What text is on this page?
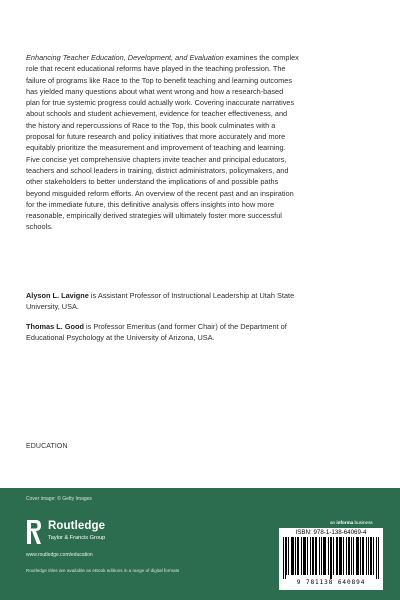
Enhancing Teacher Education, Development, and Evaluation examines the complex

role that recent educational reforms have played in the teaching profession. The

failure of programs like Race to the Top to benefit teaching and learning outcomes

has yielded many questions about what went wrong and how a research-based

plan for true systemic progress could actually work. Covering inaccurate narratives

about schools and student achievement, evidence for teacher effectiveness, and

the history and repercussions of Race to the Top, this book culminates with a

proposal for future research and policy initiatives that more accurately and more

equitably prioritize the measurement and improvement of teaching and learning.

Five concise yet comprehensive chapters invite teacher and principal educators,

teachers and school leaders in training, district administrators, policymakers, and

other stakeholders to better understand the implications of and possible paths

beyond misguided reform efforts. An overview of the recent past and an inspiration

for the immediate future, this definitive analysis offers insights into how more

reasonable, empirically derived strategies will ultimately foster more successful

schools.

Alyson L. Lavigne is Assistant Professor of Instructional Leadership at Utah State
University, USA.
Thomas L. Good is Professor Emeritus (and former Chair) of the Department of
Educational Psychology at the University of Arizona, USA.
EDUCATION
Cover image: © Getty Images
Routledge
Taylor & Francis Group
www.routledge.com/education
Routledge titles are available as eBook editions in a range of digital formats
an informa business
ISBN: 978-1-138-64069-4
9 781138 640894
